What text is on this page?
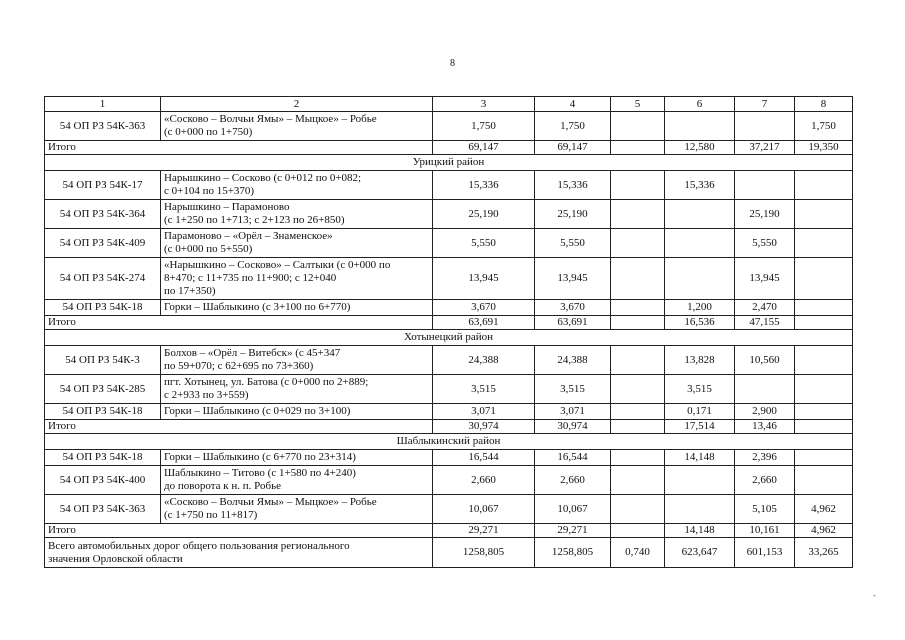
8
1	2	3	4	5	6	7	8
54 ОП РЗ 54К-363	«Сосково – Волчьи Ямы» – Мыцкое» – Робье
(с 0+000 по 1+750)	1,750	1,750				1,750
Итого		69,147	69,147		12,580	37,217	19,350
Урицкий район							
54 ОП РЗ 54К-17	Нарышкино – Сосково (с 0+012 по 0+082;
с 0+104 по 15+370)	15,336	15,336		15,336		
54 ОП РЗ 54К-364	Нарышкино – Парамоново
(с 1+250 по 1+713; с 2+123 по 26+850)	25,190	25,190			25,190	
54 ОП РЗ 54К-409	Парамоново – «Орёл – Знаменское»
(с 0+000 по 5+550)	5,550	5,550			5,550	
54 ОП РЗ 54К-274	«Нарышкино – Сосково» – Салтыки (с 0+000 по
8+470; с 11+735 по 11+900; с 12+040
по 17+350)	13,945	13,945			13,945	
54 ОП РЗ 54К-18	Горки – Шаблыкино (с 3+100 по 6+770)	3,670	3,670		1,200	2,470	
Итого		63,691	63,691		16,536	47,155	
Хотынецкий район							
54 ОП РЗ 54К-3	Болхов – «Орёл – Витебск» (с 45+347
по 59+070; с 62+695 по 73+360)	24,388	24,388		13,828	10,560	
54 ОП РЗ 54К-285	пгт. Хотынец, ул. Батова (с 0+000 по 2+889;
с 2+933 по 3+559)	3,515	3,515		3,515		
54 ОП РЗ 54К-18	Горки – Шаблыкино (с 0+029 по 3+100)	3,071	3,071		0,171	2,900	
Итого		30,974	30,974		17,514	13,46	
Шаблыкинский район							
54 ОП РЗ 54К-18	Горки – Шаблыкино (с 6+770 по 23+314)	16,544	16,544		14,148	2,396	
54 ОП РЗ 54К-400	Шаблыкино – Титово (с 1+580 по 4+240)
до поворота к н. п. Робье	2,660	2,660			2,660	
54 ОП РЗ 54К-363	«Сосково – Волчьи Ямы» – Мыцкое» – Робье
(с 1+750 по 11+817)	10,067	10,067			5,105	4,962
Итого		29,271	29,271		14,148	10,161	4,962

Всего автомобильных дорог общего пользования регионального
значения Орловской области		1258,805	1258,805	0,740	623,647	601,153	33,265
-
